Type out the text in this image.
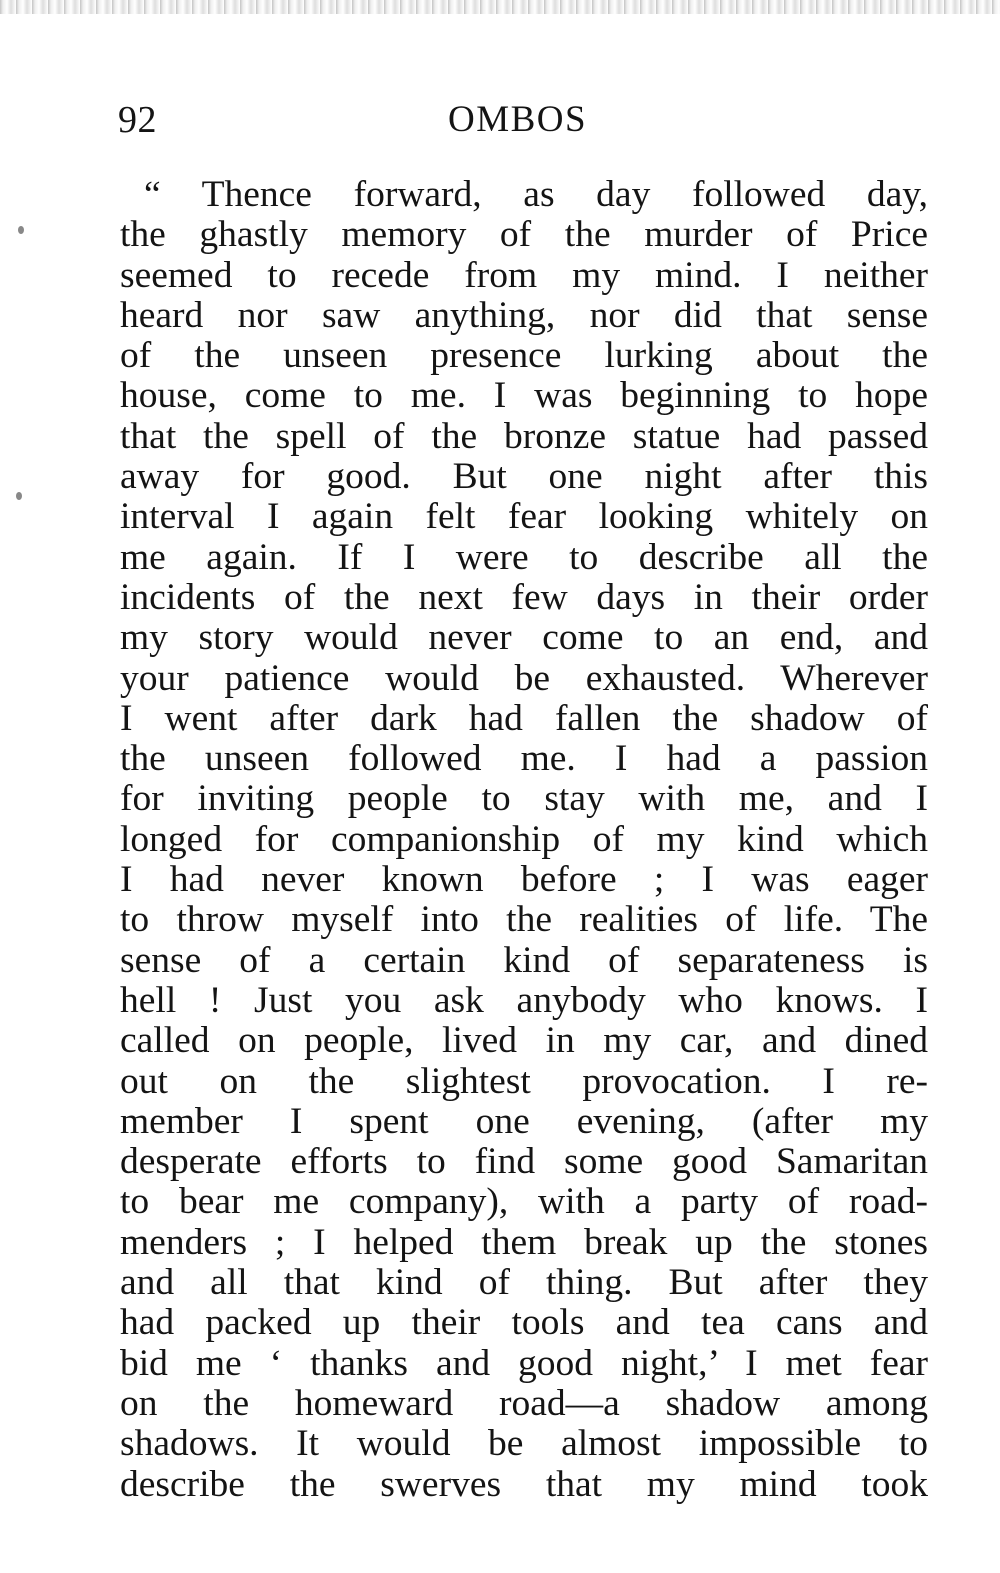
92	OMBOS
“ Thence forward, as day followed day,
the ghastly memory of the murder of Price
seemed to recede from my mind. I neither
heard nor saw anything, nor did that sense
of the unseen presence lurking about the
house, come to me. I was beginning to hope
that the spell of the bronze statue had passed
away for good. But one night after this
interval I again felt fear looking whitely on
me again. If I were to describe all the
incidents of the next few days in their order
my story would never come to an end, and
your patience would be exhausted. Wherever
I went after dark had fallen the shadow of
the unseen followed me. I had a passion
for inviting people to stay with me, and I
longed for companionship of my kind which
I had never known before ; I was eager
to throw myself into the realities of life. The
sense of a certain kind of separateness is
hell ! Just you ask anybody who knows. I
called on people, lived in my car, and dined
out on the slightest provocation. I re-
member I spent one evening, (after my
desperate efforts to find some good Samaritan
to bear me company), with a party of road-
menders ; I helped them break up the stones
and all that kind of thing. But after they
had packed up their tools and tea cans and
bid me ‘ thanks and good night,’ I met fear
on the homeward road—a shadow among
shadows. It would be almost impossible to
describe the swerves that my mind took
